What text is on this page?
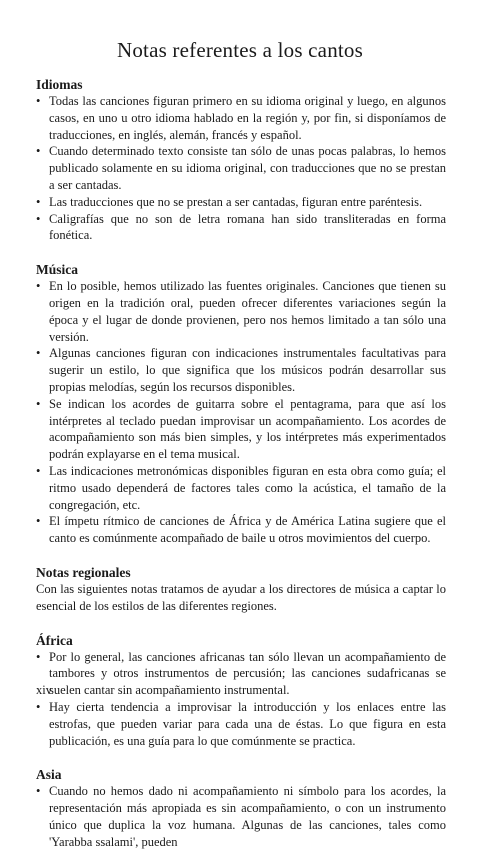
Notas referentes a los cantos

Idiomas

• Todas las canciones figuran primero en su idioma original y luego, en algunos casos, en uno u otro idioma hablado en la región y, por fin, si disponíamos de traducciones, en inglés, alemán, francés y español.
• Cuando determinado texto consiste tan sólo de unas pocas palabras, lo hemos publicado solamente en su idioma original, con traducciones que no se prestan a ser cantadas.
• Las traducciones que no se prestan a ser cantadas, figuran entre paréntesis.
• Caligrafías que no son de letra romana han sido transliteradas en forma fonética.

Música

• En lo posible, hemos utilizado las fuentes originales. Canciones que tienen su origen en la tradición oral, pueden ofrecer diferentes variaciones según la época y el lugar de donde provienen, pero nos hemos limitado a tan sólo una versión.
• Algunas canciones figuran con indicaciones instrumentales facultativas para sugerir un estilo, lo que significa que los músicos podrán desarrollar sus propias melodías, según los recursos disponibles.
• Se indican los acordes de guitarra sobre el pentagrama, para que así los intérpretes al teclado puedan improvisar un acompañamiento. Los acordes de acompañamiento son más bien simples, y los intérpretes más experimentados podrán explayarse en el tema musical.
• Las indicaciones metronómicas disponibles figuran en esta obra como guía; el ritmo usado dependerá de factores tales como la acústica, el tamaño de la congregación, etc.
• El ímpetu rítmico de canciones de África y de América Latina sugiere que el canto es comúnmente acompañado de baile u otros movimientos del cuerpo.

Notas regionales

Con las siguientes notas tratamos de ayudar a los directores de música a captar lo esencial de los estilos de las diferentes regiones.

África

• Por lo general, las canciones africanas tan sólo llevan un acompañamiento de tambores y otros instrumentos de percusión; las canciones sudafricanas se suelen cantar sin acompañamiento instrumental.
• Hay cierta tendencia a improvisar la introducción y los enlaces entre las estrofas, que pueden variar para cada una de éstas. Lo que figura en esta publicación, es una guía para lo que comúnmente se practica.

Asia

• Cuando no hemos dado ni acompañamiento ni símbolo para los acordes, la representación más apropiada es sin acompañamiento, o con un instrumento único que duplica la voz humana. Algunas de las canciones, tales como 'Yarabba ssalami', pueden
xiv
